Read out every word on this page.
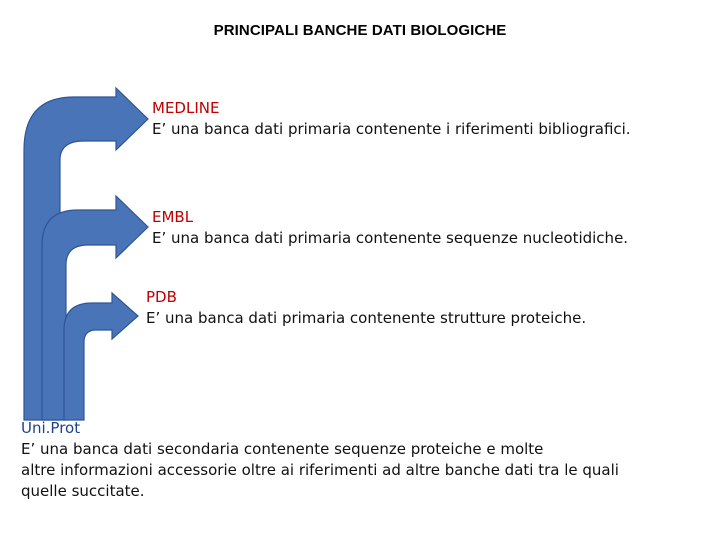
PRINCIPALI BANCHE DATI BIOLOGICHE
MEDLINE
E’ una banca dati primaria contenente i riferimenti bibliografici.
EMBL
E’ una banca dati primaria contenente sequenze nucleotidiche.
PDB
E’ una banca dati primaria contenente strutture proteiche.
Uni.Prot
E’ una banca dati secondaria contenente sequenze proteiche e molte
altre informazioni accessorie oltre ai riferimenti ad altre banche dati tra le quali
quelle succitate.
